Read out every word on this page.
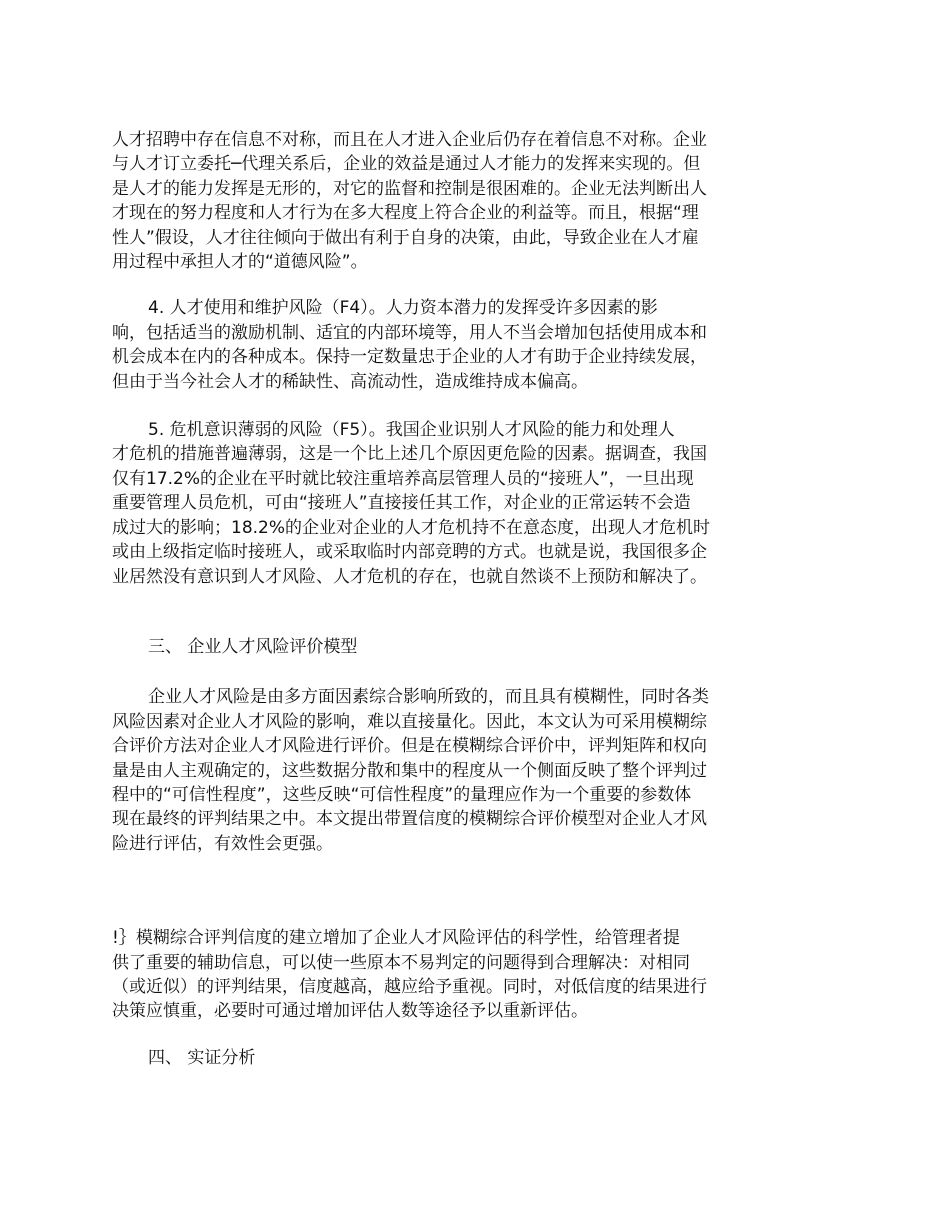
人才招聘中存在信息不对称，而且在人才进入企业后仍存在着信息不对称。企业
与人才订立委托─代理关系后，企业的效益是通过人才能力的发挥来实现的。但
是人才的能力发挥是无形的，对它的监督和控制是很困难的。企业无法判断出人
才现在的努力程度和人才行为在多大程度上符合企业的利益等。而且，根据“理
性人”假设，人才往往倾向于做出有利于自身的决策，由此，导致企业在人才雇
用过程中承担人才的“道德风险”。
4. 人才使用和维护风险（F4）。人力资本潜力的发挥受许多因素的影
响，包括适当的激励机制、适宜的内部环境等，用人不当会增加包括使用成本和
机会成本在内的各种成本。保持一定数量忠于企业的人才有助于企业持续发展，
但由于当今社会人才的稀缺性、高流动性，造成维持成本偏高。
5. 危机意识薄弱的风险（F5）。我国企业识别人才风险的能力和处理人
才危机的措施普遍薄弱，这是一个比上述几个原因更危险的因素。据调查，我国
仅有17.2%的企业在平时就比较注重培养高层管理人员的“接班人”，一旦出现
重要管理人员危机，可由“接班人”直接接任其工作，对企业的正常运转不会造
成过大的影响；18.2%的企业对企业的人才危机持不在意态度，出现人才危机时
或由上级指定临时接班人，或采取临时内部竞聘的方式。也就是说，我国很多企
业居然没有意识到人才风险、人才危机的存在，也就自然谈不上预防和解决了。
三、 企业人才风险评价模型
企业人才风险是由多方面因素综合影响所致的，而且具有模糊性，同时各类
风险因素对企业人才风险的影响，难以直接量化。因此，本文认为可采用模糊综
合评价方法对企业人才风险进行评价。但是在模糊综合评价中，评判矩阵和权向
量是由人主观确定的，这些数据分散和集中的程度从一个侧面反映了整个评判过
程中的“可信性程度”，这些反映“可信性程度”的量理应作为一个重要的参数体
现在最终的评判结果之中。本文提出带置信度的模糊综合评价模型对企业人才风
险进行评估，有效性会更强。
!｝模糊综合评判信度的建立增加了企业人才风险评估的科学性，给管理者提
供了重要的辅助信息，可以使一些原本不易判定的问题得到合理解决：对相同
（或近似）的评判结果，信度越高，越应给予重视。同时，对低信度的结果进行
决策应慎重，必要时可通过增加评估人数等途径予以重新评估。
四、 实证分析
